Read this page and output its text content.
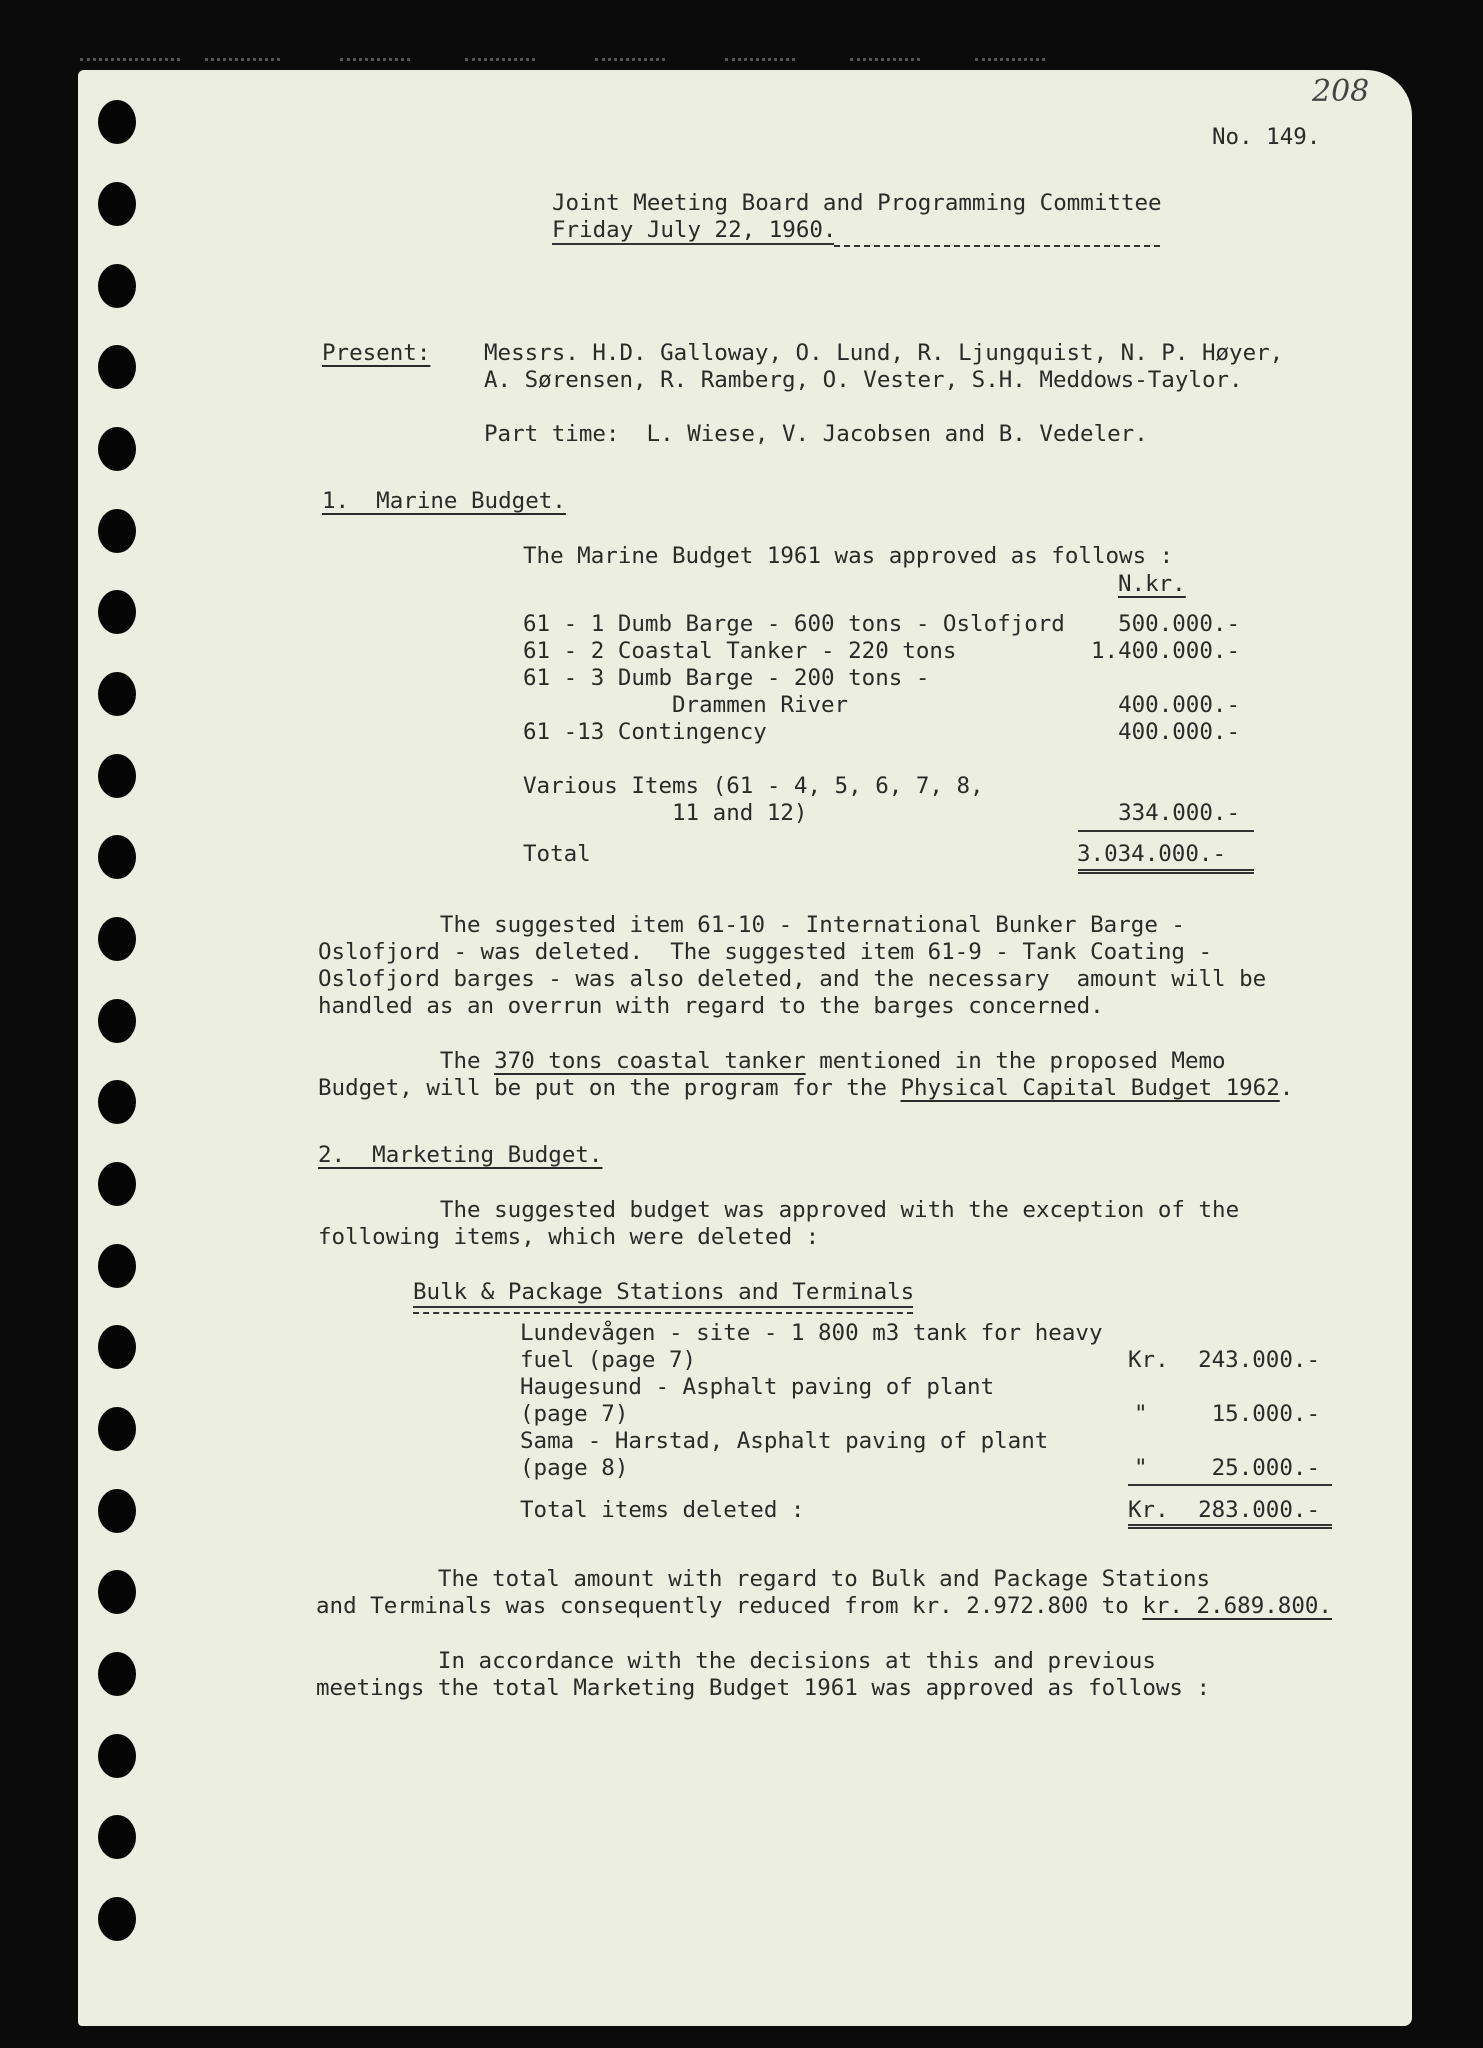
208
No. 149.
Joint Meeting Board and Programming Committee
Friday July 22, 1960.
Present: Messrs. H.D. Galloway, O. Lund, R. Ljungquist, N. P. Høyer,
A. Sørensen, R. Ramberg, O. Vester, S.H. Meddows-Taylor.
Part time:  L. Wiese, V. Jacobsen and B. Vedeler.
1.  Marine Budget.
The Marine Budget 1961 was approved as follows :
N.kr.
61 - 1 Dumb Barge - 600 tons - Oslofjord	500.000.-
61 - 2 Coastal Tanker - 220 tons	1.400.000.-
61 - 3 Dumb Barge - 200 tons -
Drammen River	400.000.-
61 -13 Contingency	400.000.-
Various Items (61 - 4, 5, 6, 7, 8,
11 and 12)	334.000.-
Total	3.034.000.-
The suggested item 61-10 - International Bunker Barge -
Oslofjord - was deleted.  The suggested item 61-9 - Tank Coating -
Oslofjord barges - was also deleted, and the necessary  amount will be
handled as an overrun with regard to the barges concerned.
The 370 tons coastal tanker mentioned in the proposed Memo
Budget, will be put on the program for the Physical Capital Budget 1962.
2.  Marketing Budget.
The suggested budget was approved with the exception of the
following items, which were deleted :
Bulk & Package Stations and Terminals
Lundevågen - site - 1 800 m3 tank for heavy
fuel (page 7)	Kr.	243.000.-
Haugesund - Asphalt paving of plant
(page 7)	"	15.000.-
Sama - Harstad, Asphalt paving of plant
(page 8)	"	25.000.-
Total items deleted :	Kr.	283.000.-
The total amount with regard to Bulk and Package Stations
and Terminals was consequently reduced from kr. 2.972.800 to kr. 2.689.800.
In accordance with the decisions at this and previous
meetings the total Marketing Budget 1961 was approved as follows :
